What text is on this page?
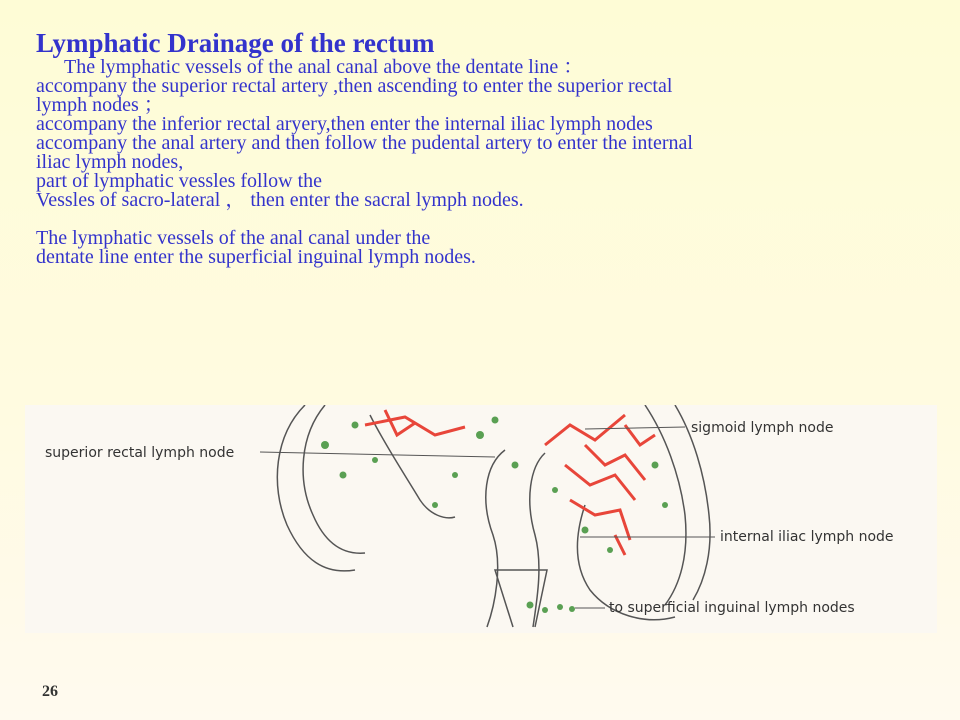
Lymphatic Drainage of the rectum
The lymphatic vessels of the anal canal above the dentate line ：
accompany the superior rectal artery ,then ascending to enter the superior rectal
lymph nodes ；
accompany the inferior rectal aryery,then enter the internal iliac lymph nodes
accompany the anal artery and then follow the pudental artery to enter the internal
iliac lymph nodes,
part of lymphatic vessles follow the
Vessles of sacro-lateral ， then enter the sacral lymph nodes.
The lymphatic vessels of the anal canal under the
dentate line enter the superficial inguinal lymph nodes.
superior rectal lymph node
sigmoid lymph node
internal iliac lymph node
to superficial inguinal lymph nodes
26
